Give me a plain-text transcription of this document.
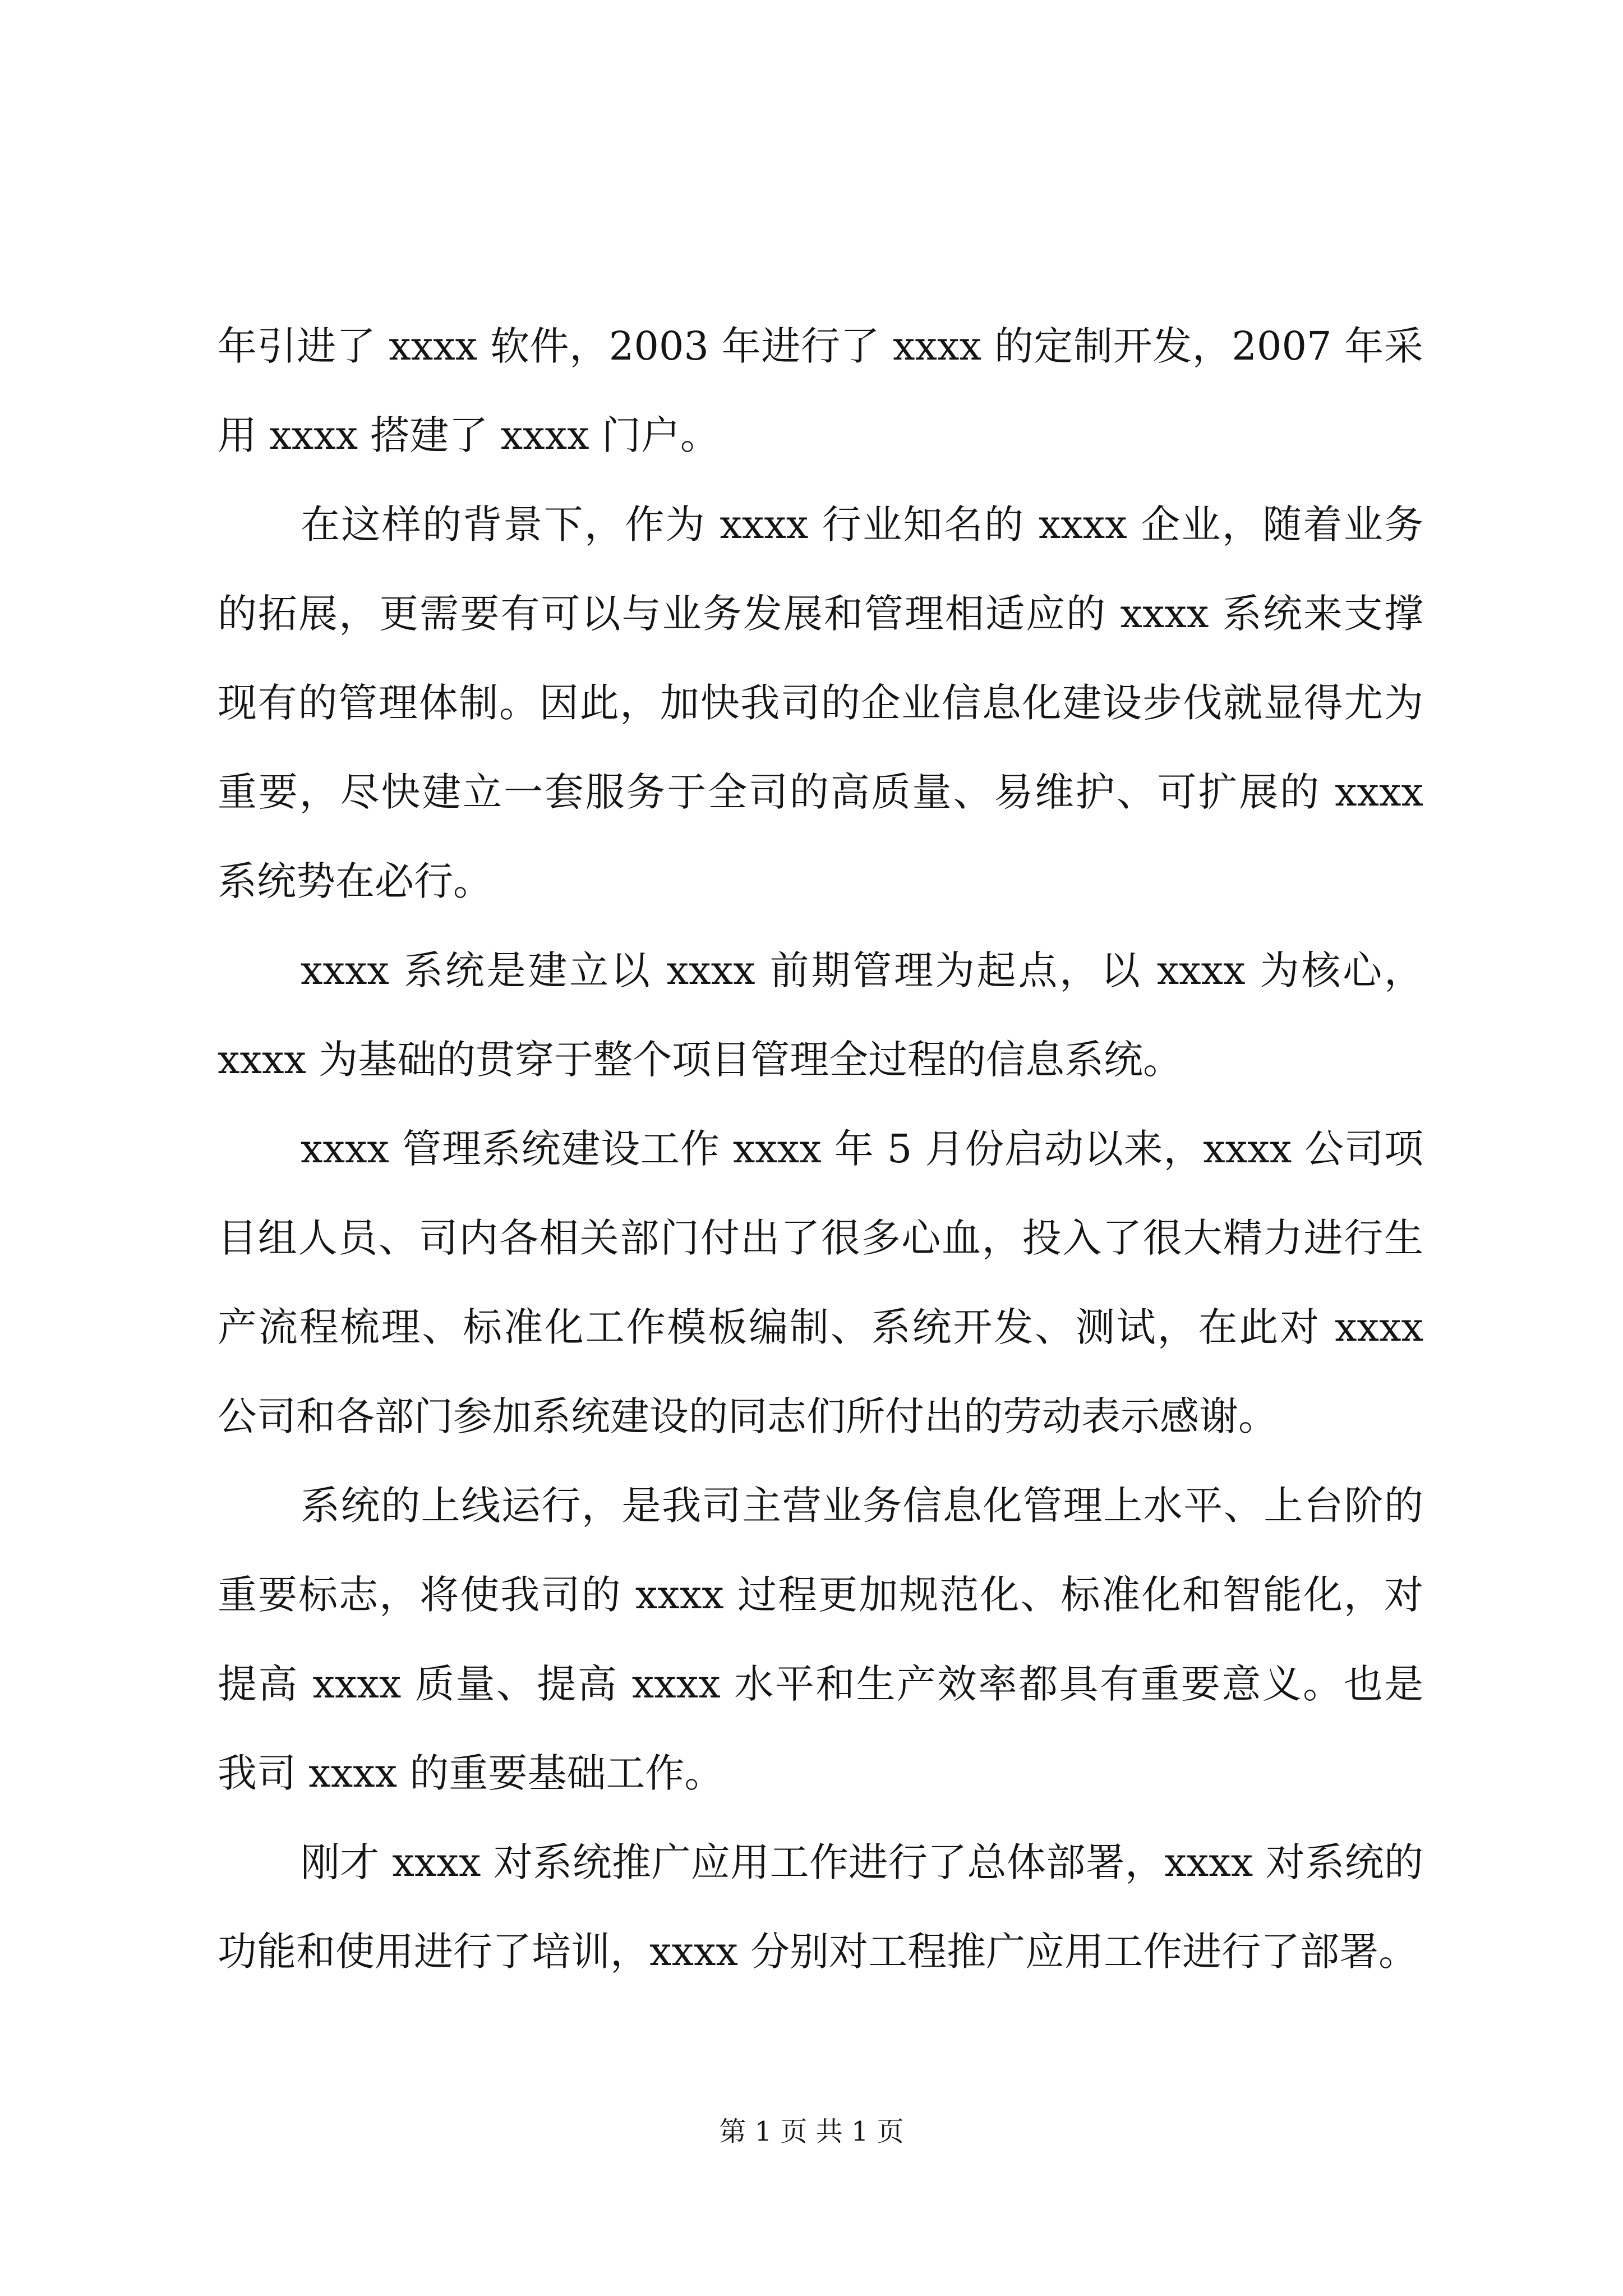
年引进了 xxxx 软件，2003 年进行了 xxxx 的定制开发，2007 年采用 xxxx 搭建了 xxxx 门户。

在这样的背景下，作为 xxxx 行业知名的 xxxx 企业，随着业务的拓展，更需要有可以与业务发展和管理相适应的 xxxx 系统来支撑现有的管理体制。因此，加快我司的企业信息化建设步伐就显得尤为重要，尽快建立一套服务于全司的高质量、易维护、可扩展的 xxxx 系统势在必行。

xxxx 系统是建立以 xxxx 前期管理为起点，以 xxxx 为核心，xxxx 为基础的贯穿于整个项目管理全过程的信息系统。

xxxx 管理系统建设工作 xxxx 年 5 月份启动以来，xxxx 公司项目组人员、司内各相关部门付出了很多心血，投入了很大精力进行生产流程梳理、标准化工作模板编制、系统开发、测试，在此对 xxxx 公司和各部门参加系统建设的同志们所付出的劳动表示感谢。

系统的上线运行，是我司主营业务信息化管理上水平、上台阶的重要标志，将使我司的 xxxx 过程更加规范化、标准化和智能化，对提高 xxxx 质量、提高 xxxx 水平和生产效率都具有重要意义。也是我司 xxxx 的重要基础工作。

刚才 xxxx 对系统推广应用工作进行了总体部署，xxxx 对系统的功能和使用进行了培训，xxxx 分别对工程推广应用工作进行了部署。

第 1 页 共 1 页
